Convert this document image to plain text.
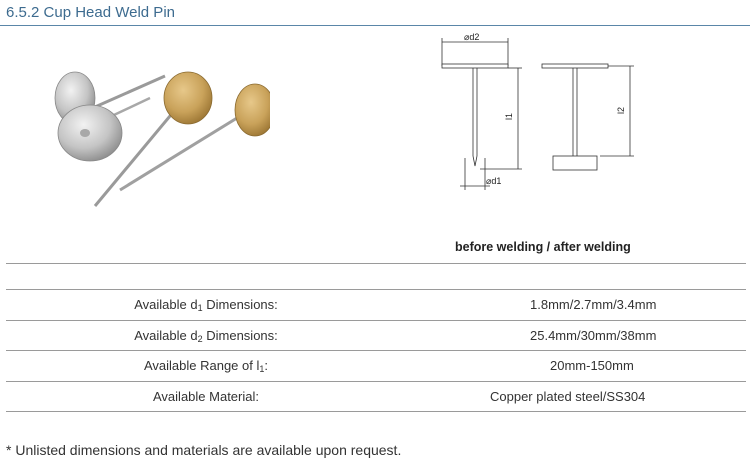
6.5.2 Cup Head Weld Pin
⌀d2
⌀d1
l1
l2
before welding / after welding
Available $d_1$ Dimensions:	1.8mm/2.7mm/3.4mm
Available $d_2$ Dimensions:	25.4mm/30mm/38mm
Available Range of $l_1$:	20mm-150mm
Available Material:	Copper plated steel/SS304
* Unlisted dimensions and materials are available upon request.
